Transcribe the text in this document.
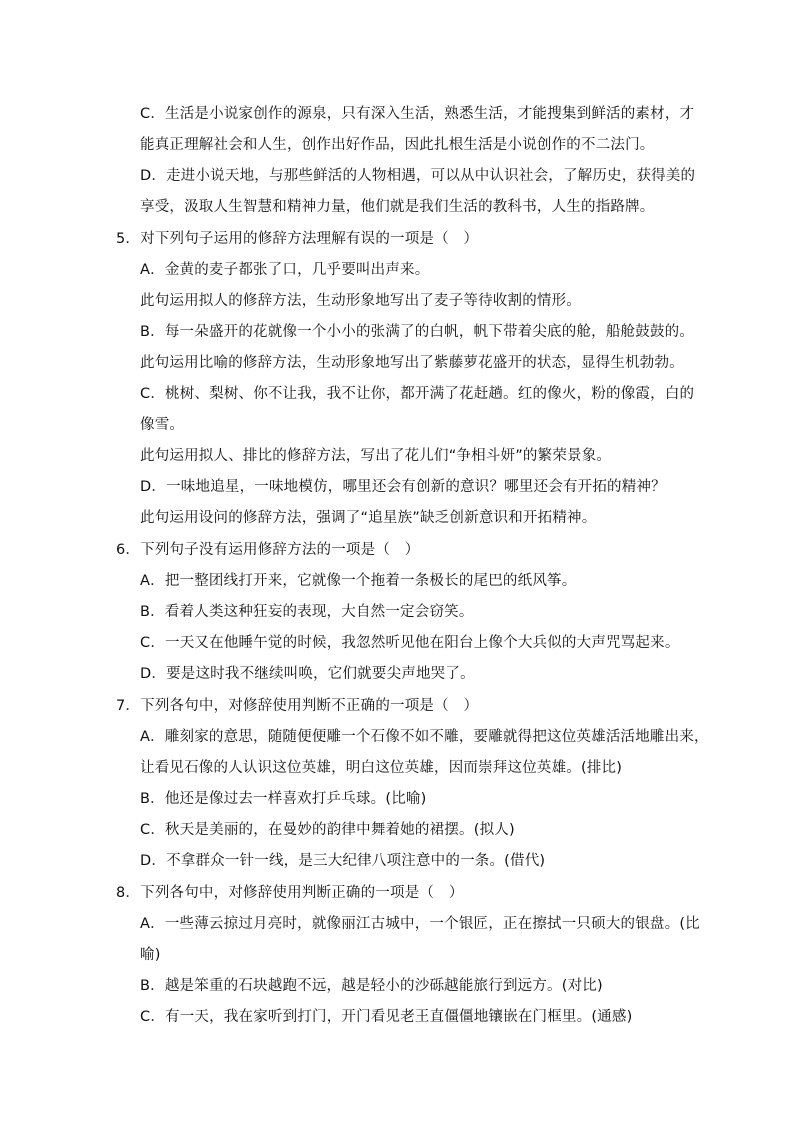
C．生活是小说家创作的源泉，只有深入生活，熟悉生活，才能搜集到鲜活的素材，才
能真正理解社会和人生，创作出好作品，因此扎根生活是小说创作的不二法门。
D．走进小说天地，与那些鲜活的人物相遇，可以从中认识社会，了解历史，获得美的
享受，汲取人生智慧和精神力量，他们就是我们生活的教科书，人生的指路牌。
5．对下列句子运用的修辞方法理解有误的一项是（　）
A．金黄的麦子都张了口，几乎要叫出声来。
此句运用拟人的修辞方法，生动形象地写出了麦子等待收割的情形。
B．每一朵盛开的花就像一个小小的张满了的白帆，帆下带着尖底的舱，船舱鼓鼓的。
此句运用比喻的修辞方法，生动形象地写出了紫藤萝花盛开的状态，显得生机勃勃。
C．桃树、梨树、你不让我，我不让你，都开满了花赶趟。红的像火，粉的像霞，白的
像雪。
此句运用拟人、排比的修辞方法，写出了花儿们“争相斗妍”的繁荣景象。
D．一味地追星，一味地模仿，哪里还会有创新的意识？哪里还会有开拓的精神？
此句运用设问的修辞方法，强调了“追星族”缺乏创新意识和开拓精神。
6．下列句子没有运用修辞方法的一项是（　）
A．把一整团线打开来，它就像一个拖着一条极长的尾巴的纸风筝。
B．看着人类这种狂妄的表现，大自然一定会窃笑。
C．一天又在他睡午觉的时候，我忽然听见他在阳台上像个大兵似的大声咒骂起来。
D．要是这时我不继续叫唤，它们就要尖声地哭了。
7．下列各句中，对修辞使用判断不正确的一项是（　）
A．雕刻家的意思，随随便便雕一个石像不如不雕，要雕就得把这位英雄活活地雕出来，
让看见石像的人认识这位英雄，明白这位英雄，因而崇拜这位英雄。(排比)
B．他还是像过去一样喜欢打乒乓球。(比喻)
C．秋天是美丽的，在曼妙的韵律中舞着她的裙摆。(拟人)
D．不拿群众一针一线，是三大纪律八项注意中的一条。(借代)
8．下列各句中，对修辞使用判断正确的一项是（　）
A．一些薄云掠过月亮时，就像丽江古城中，一个银匠，正在擦拭一只硕大的银盘。(比
喻)
B．越是笨重的石块越跑不远，越是轻小的沙砾越能旅行到远方。(对比)
C．有一天，我在家听到打门，开门看见老王直僵僵地镶嵌在门框里。(通感)
